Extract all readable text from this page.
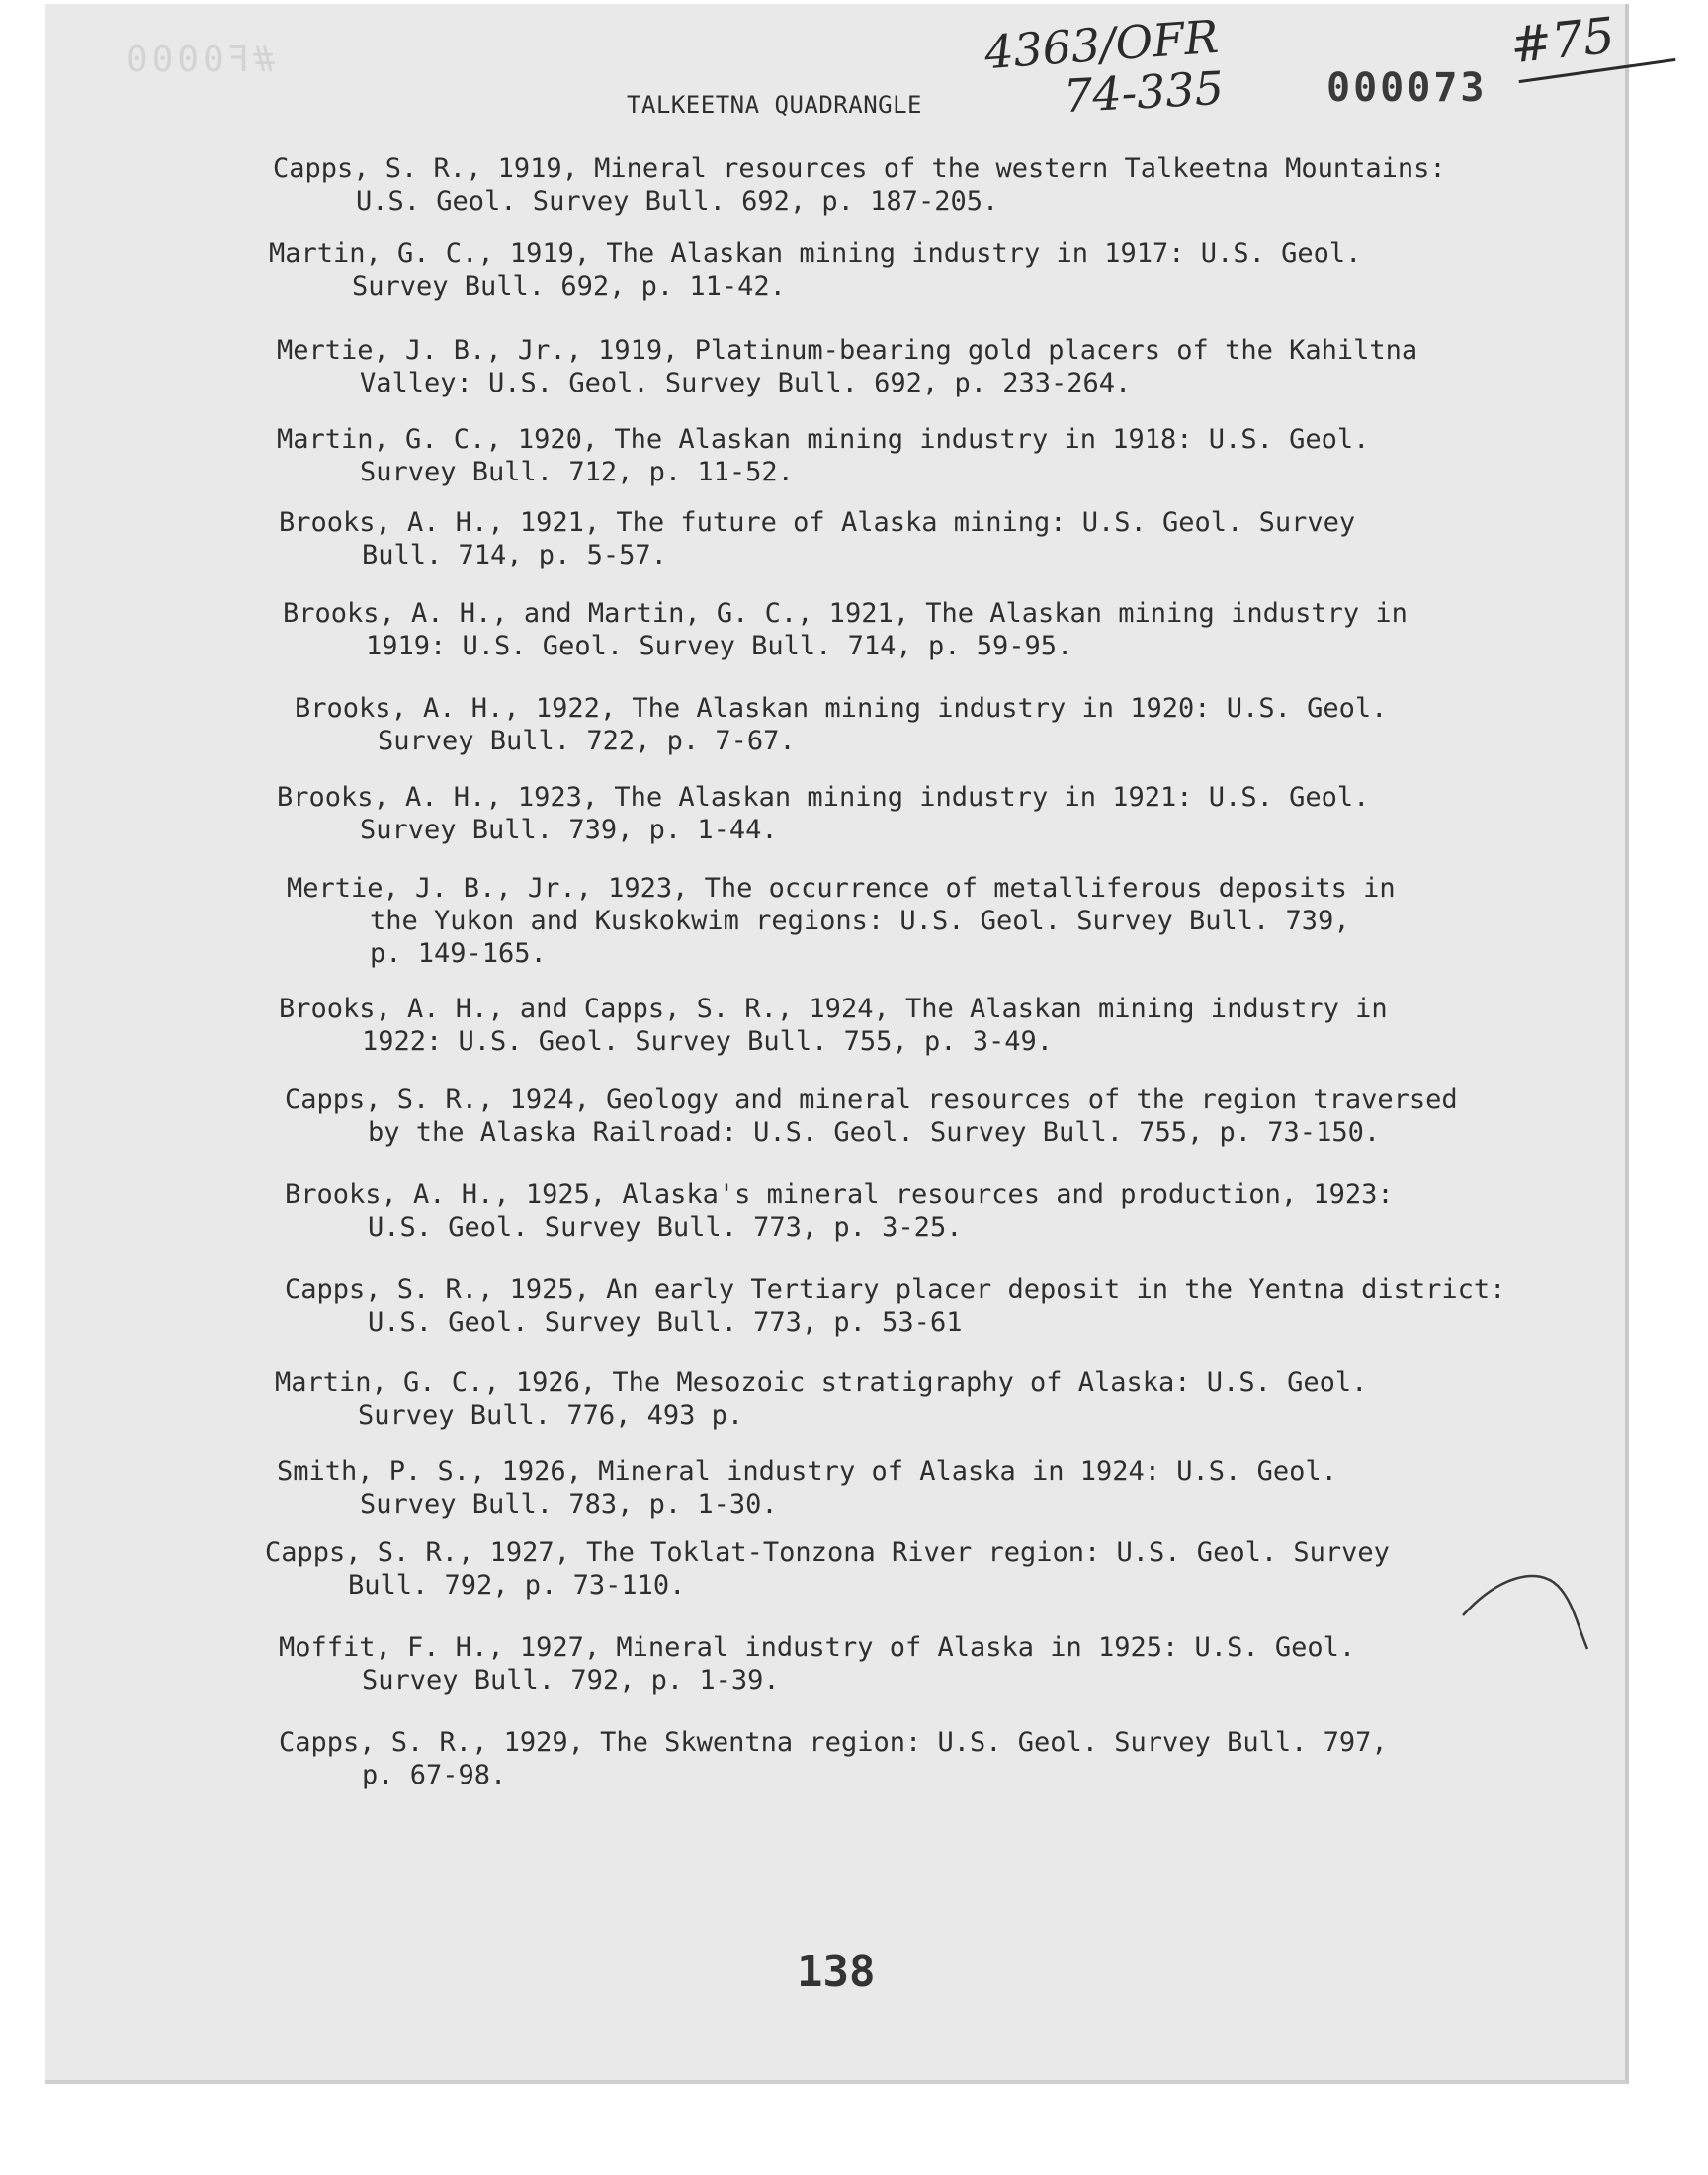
#F0000	4363/OFR
74-335
#75
000073
TALKEETNA QUADRANGLE
Capps, S. R., 1919, Mineral resources of the western Talkeetna Mountains:
U.S. Geol. Survey Bull. 692, p. 187-205.
Martin, G. C., 1919, The Alaskan mining industry in 1917: U.S. Geol.
Survey Bull. 692, p. 11-42.
Mertie, J. B., Jr., 1919, Platinum-bearing gold placers of the Kahiltna
Valley: U.S. Geol. Survey Bull. 692, p. 233-264.
Martin, G. C., 1920, The Alaskan mining industry in 1918: U.S. Geol.
Survey Bull. 712, p. 11-52.
Brooks, A. H., 1921, The future of Alaska mining: U.S. Geol. Survey
Bull. 714, p. 5-57.
Brooks, A. H., and Martin, G. C., 1921, The Alaskan mining industry in
1919: U.S. Geol. Survey Bull. 714, p. 59-95.
Brooks, A. H., 1922, The Alaskan mining industry in 1920: U.S. Geol.
Survey Bull. 722, p. 7-67.
Brooks, A. H., 1923, The Alaskan mining industry in 1921: U.S. Geol.
Survey Bull. 739, p. 1-44.
Mertie, J. B., Jr., 1923, The occurrence of metalliferous deposits in
the Yukon and Kuskokwim regions: U.S. Geol. Survey Bull. 739,
p. 149-165.
Brooks, A. H., and Capps, S. R., 1924, The Alaskan mining industry in
1922: U.S. Geol. Survey Bull. 755, p. 3-49.
Capps, S. R., 1924, Geology and mineral resources of the region traversed
by the Alaska Railroad: U.S. Geol. Survey Bull. 755, p. 73-150.
Brooks, A. H., 1925, Alaska's mineral resources and production, 1923:
U.S. Geol. Survey Bull. 773, p. 3-25.
Capps, S. R., 1925, An early Tertiary placer deposit in the Yentna district:
U.S. Geol. Survey Bull. 773, p. 53-61
Martin, G. C., 1926, The Mesozoic stratigraphy of Alaska: U.S. Geol.
Survey Bull. 776, 493 p.
Smith, P. S., 1926, Mineral industry of Alaska in 1924: U.S. Geol.
Survey Bull. 783, p. 1-30.
Capps, S. R., 1927, The Toklat-Tonzona River region: U.S. Geol. Survey
Bull. 792, p. 73-110.
Moffit, F. H., 1927, Mineral industry of Alaska in 1925: U.S. Geol.
Survey Bull. 792, p. 1-39.
Capps, S. R., 1929, The Skwentna region: U.S. Geol. Survey Bull. 797,
p. 67-98.
138
